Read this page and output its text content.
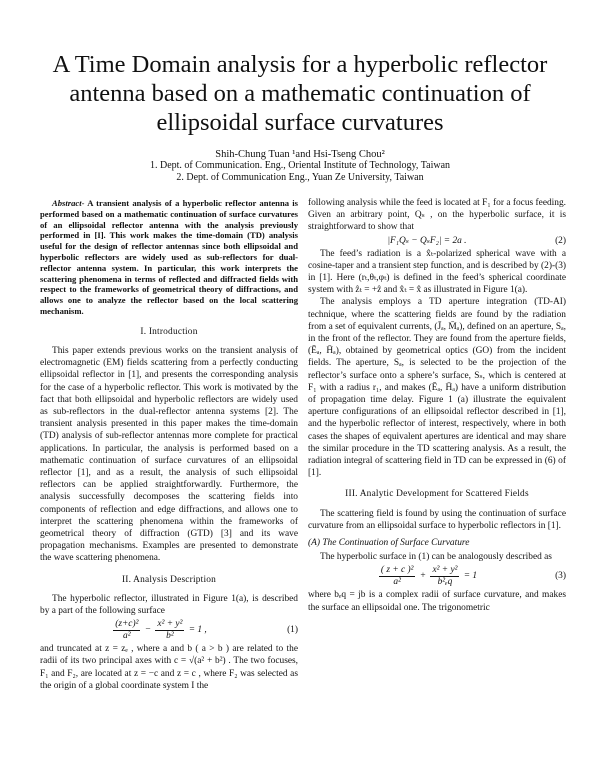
A Time Domain analysis for a hyperbolic reflector antenna based on a mathematic continuation of ellipsoidal surface curvatures
Shih-Chung Tuan ¹and Hsi-Tseng Chou²
1. Dept. of Communication. Eng., Oriental Institute of Technology, Taiwan
2. Dept. of Communication Eng., Yuan Ze University, Taiwan

Abstract- A transient analysis of a hyperbolic reflector antenna is performed based on a mathematic continuation of surface curvatures of an ellipsoidal reflector antenna with the analysis previously performed in [I]. This work makes the time-domain (TD) analysis useful for the design of reflector antennas since both ellipsoidal and hyperbolic reflectors are widely used as sub-reflectors for dual-reflector antenna system. In particular, this work interprets the scattering phenomena in terms of reflected and diffracted fields with respect to the frameworks of geometrical theory of diffractions, and allows one to analyze the reflector based on the local scattering mechanism.

I. Introduction

This paper extends previous works on the transient analysis of electromagnetic (EM) fields scattering from a perfectly conducting ellipsoidal reflector in [1], and presents the corresponding analysis for the case of a hyperbolic reflector. This work is motivated by the fact that both ellipsoidal and hyperbolic reflectors are widely used as sub-reflectors in the dual-reflector antenna systems [2]. The transient analysis presented in this paper makes the time-domain (TD) analysis of sub-reflector antennas more complete for practical applications. In particular, the analysis is performed based on a mathematic continuation of surface curvatures of an ellipsoidal reflector [1], and as a result, the analysis of such ellipsoidal reflectors can be applied straightforwardly. Furthermore, the analysis successfully decomposes the scattering fields into components of reflection and edge diffractions, and allows one to interpret the scattering phenomena within the frameworks of geometrical theory of diffraction (GTD) [3] and its wave propagation mechanisms. Examples are presented to demonstrate the wave scattering phenomena.

II. Analysis Description

The hyperbolic reflector, illustrated in Figure 1(a), is described by a part of the following surface

$\frac{\text{(z+c)²}}{\text{a²}} - \frac{\text{x² + y²}}{\text{b²}} = 1$ ,	(1)

and truncated at z = zₑ , where a and b ( a > b ) are related to the radii of its two principal axes with c = √(a² + b²) . The two focuses, F₁ and F₂, are located at z = −c and z = c , where F₂ was selected as the origin of a global coordinate system I the

following analysis while the feed is located at F₁ for a focus feeding. Given an arbitrary point, Qₛ , on the hyperbolic surface, it is straightforward to show that

|F₁Qₛ − QₛF₂| = 2a .	(2)

The feed’s radiation is a x̂ₜ-polarized spherical wave with a cosine-taper and a transient step function, and is described by (2)-(3) in [1]. Here (rₜ,θₜ,φₜ) is defined in the feed’s spherical coordinate system with ẑₜ = +ẑ and x̂ₜ = x̂ as illustrated in Figure 1(a).

The analysis employs a TD aperture integration (TD-AI) technique, where the scattering fields are found by the radiation from a set of equivalent currents, (J̄ₐ, M̄ₐ), defined on an aperture, Sₐ, in the front of the reflector. They are found from the aperture fields, (Ēₐ, H̄ₐ), obtained by geometrical optics (GO) from the incident fields. The aperture, Sₐ, is selected to be the projection of the reflector’s surface onto a sphere’s surface, Sₛ, which is centered at F₁ with a radius r₁, and makes (Ēₐ, H̄ₐ) have a uniform distribution of propagation time delay. Figure 1 (a) illustrate the equivalent aperture configurations of an ellipsoidal reflector described in [1], and the hyperbolic reflector of interest, respectively, where in both cases the shapes of equivalent apertures are identical and may share the similar procedure in the TD scattering analysis. As a result, the radiation integral of scattering field in TD can be expressed in (6) of [1].

III. Analytic Development for Scattered Fields

The scattering field is found by using the continuation of surface curvature from an ellipsoidal surface to hyperbolic reflectors in [1].

(A) The Continuation of Surface Curvature

The hyperbolic surface in (1) can be analogously described as

$\frac{\text{( z + c )²}}{\text{a²}} + \frac{\text{x² + y²}}{\text{b²ₑq}} = 1$	(3)

where bₑq = jb is a complex radii of surface curvature, and makes the surface an ellipsoidal one. The trigonometric
